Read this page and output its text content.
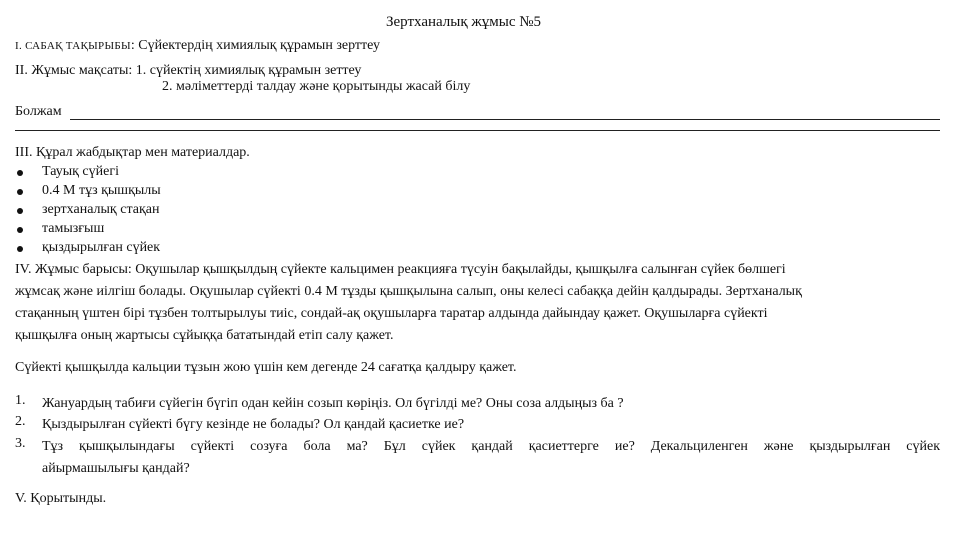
Зертханалық жұмыс №5
I. САБАҚ ТАҚЫРЫБЫ: Сүйектердің химиялық құрамын зерттеу
II. Жұмыс мақсаты: 1. сүйектің химиялық құрамын зеттеу
2. мәліметтерді талдау және қорытынды жасай білу
Болжам
III. Құрал жабдықтар мен материалдар.
Тауық сүйегі
0.4 М тұз қышқылы
зертханалық стақан
тамызғыш
қыздырылған сүйек
IV. Жұмыс барысы: Оқушылар қышқылдың сүйекте кальцимен реакцияға түсуін бақылайды, қышқылға салынған сүйек бөлшегі
жұмсақ және иілгіш болады. Оқушылар сүйекті 0.4 М тұзды қышқылына салып, оны келесі сабаққа дейін қалдырады. Зертханалық
стақанның үштен бірі тұзбен толтырылуы тиіс, сондай-ақ оқушыларға таратар алдында дайындау қажет. Оқушыларға сүйекті
қышқылға оның жартысы сұйыққа бататындай етіп салу қажет.
Сүйекті қышқылда кальции тұзын жою үшін кем дегенде 24 сағатқа қалдыру қажет.
1. Жануардың табиғи сүйегін бүгіп одан кейін созып көріңіз. Ол бүгілді ме? Оны соза алдыңыз ба ?
2. Қыздырылған сүйекті бүгу кезінде не болады? Ол қандай қасиетке ие?
3. Тұз қышқылындағы сүйекті созуға бола ма? Бұл сүйек қандай қасиеттерге ие? Декальциленген және қыздырылған сүйек
айырмашылығы қандай?
V. Қорытынды.
